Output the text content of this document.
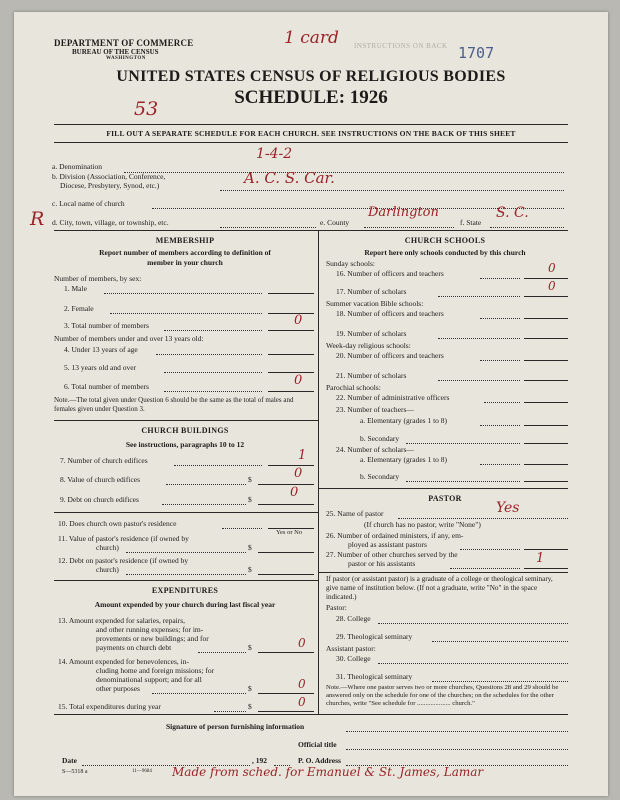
DEPARTMENT OF COMMERCE
BUREAU OF THE CENSUS
WASHINGTON
1 card INSTRUCTIONS ON BACK 1707
UNITED STATES CENSUS OF RELIGIOUS BODIES
SCHEDULE: 1926
53
FILL OUT A SEPARATE SCHEDULE FOR EACH CHURCH. SEE INSTRUCTIONS ON THE BACK OF THIS SHEET
a. Denomination
1-4-2
b. Division (Association, Conference,
Diocese, Presbytery, Synod, etc.)	A. C. S. Car.
c. Local name of church
R d. City, town, village, or township, etc.	e. County
Darlington
f. State
S. C.
MEMBERSHIP
Report number of members according to definition of
member in your church
Number of members, by sex:
1. Male
2. Female
3. Total number of members	0
Number of members under and over 13 years old:
4. Under 13 years of age
5. 13 years old and over
6. Total number of members	0
Note.—The total given under Question 6 should be the same as the total of males and females given under Question 3.
CHURCH BUILDINGS
See instructions, paragraphs 10 to 12
7. Number of church edifices	1
8. Value of church edifices	$	0
9. Debt on church edifices	$	0
10. Does church own pastor's residence
Yes or No
11. Value of pastor's residence (if owned by
church)	$
12. Debt on pastor's residence (if owned by
church)	$
EXPENDITURES
Amount expended by your church during last fiscal year
13. Amount expended for salaries, repairs,
and other running expenses; for im-
provements or new buildings; and for
payments on church debt	$	0
14. Amount expended for benevolences, in-
cluding home and foreign missions; for
denominational support; and for all
other purposes	$	0
15. Total expenditures during year	$	0
CHURCH SCHOOLS
Report here only schools conducted by this church
Sunday schools:
16. Number of officers and teachers	0
17. Number of scholars	0
Summer vacation Bible schools:
18. Number of officers and teachers
19. Number of scholars
Week-day religious schools:
20. Number of officers and teachers
21. Number of scholars
Parochial schools:
22. Number of administrative officers
23. Number of teachers—
a. Elementary (grades 1 to 8)
b. Secondary
24. Number of scholars—
a. Elementary (grades 1 to 8)
b. Secondary
PASTOR
25. Name of pastor	Yes
(If church has no pastor, write "None")
26. Number of ordained ministers, if any, em-
ployed as assistant pastors
27. Number of other churches served by the
pastor or his assistants	1
If pastor (or assistant pastor) is a graduate of a college or theological seminary, give name of institution below. (If not a graduate, write "No" in the space indicated.)
Pastor:
28. College
29. Theological seminary
Assistant pastor:
30. College
31. Theological seminary
Note.—Where one pastor serves two or more churches, Questions 28 and 29 should be answered only on the schedule for one of the churches; on the schedules for the other churches, write "See schedule for .................... church."
Signature of person furnishing information
Official title
Date	, 192	P. O. Address
S—5318 a	11—9684 Made from sched. for Emanuel & St. James, Lamar
